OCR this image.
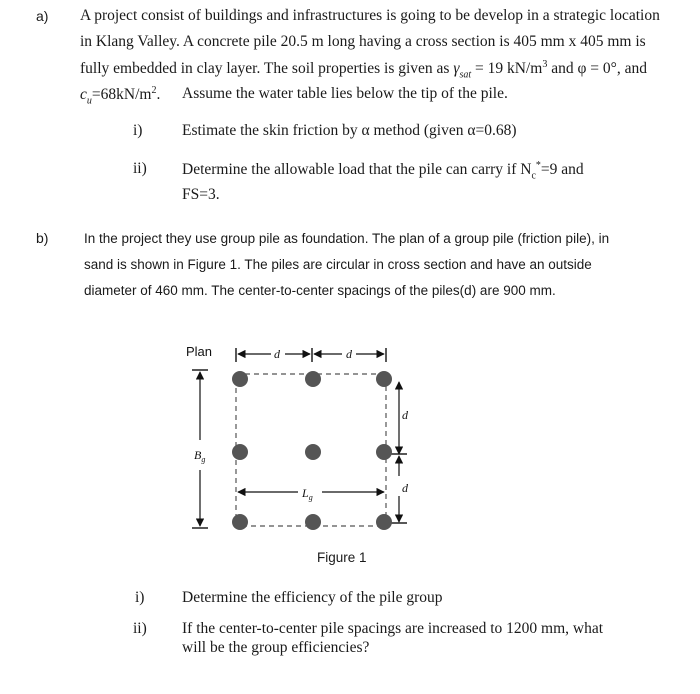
a) A project consist of buildings and infrastructures is going to be develop in a strategic location
in Klang Valley. A concrete pile 20.5 m long having a cross section is 405 mm x 405 mm is
fully embedded in clay layer. The soil properties is given as $\gamma_{sat} = 19$ $kN/m^3$ and φ = 0°, and
$c_u=68kN/m^2$. Assume the water table lies below the tip of the pile.
i)	Estimate the skin friction by α method (given α=0.68)
ii) Determine the allowable load that the pile can carry if $N_c^*=9$ and
FS=3.
b)	In the project they use group pile as foundation. The plan of a group pile (friction pile), in
sand is shown in Figure 1. The piles are circular in cross section and have an outside
diameter of 460 mm. The center-to-center spacings of the piles(d) are 900 mm.
Plan	d	d
$B_g$
$L_g$
d
d
Figure 1
i) Determine the efficiency of the pile group
ii) If the center-to-center pile spacings are increased to 1200 mm, what
will be the group efficiencies?
